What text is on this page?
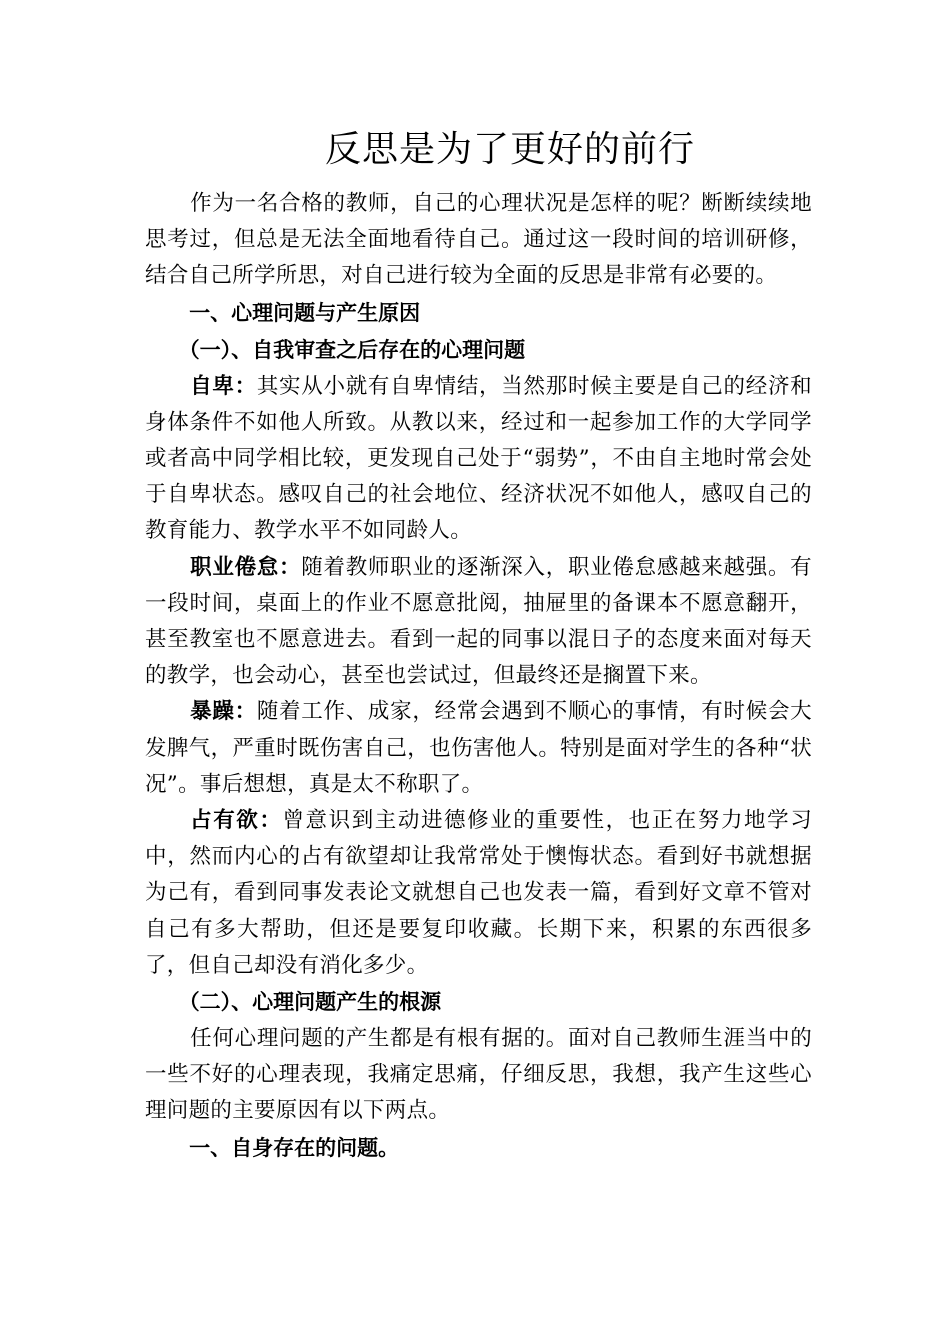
反思是为了更好的前行

作为一名合格的教师，自己的心理状况是怎样的呢？断断续续地思考过，但总是无法全面地看待自己。通过这一段时间的培训研修，结合自己所学所思，对自己进行较为全面的反思是非常有必要的。

一、心理问题与产生原因

（一）、自我审查之后存在的心理问题

自卑：其实从小就有自卑情结，当然那时候主要是自己的经济和身体条件不如他人所致。从教以来，经过和一起参加工作的大学同学或者高中同学相比较，更发现自己处于“弱势”，不由自主地时常会处于自卑状态。感叹自己的社会地位、经济状况不如他人，感叹自己的教育能力、教学水平不如同龄人。

职业倦怠：随着教师职业的逐渐深入，职业倦怠感越来越强。有一段时间，桌面上的作业不愿意批阅，抽屉里的备课本不愿意翻开，甚至教室也不愿意进去。看到一起的同事以混日子的态度来面对每天的教学，也会动心，甚至也尝试过，但最终还是搁置下来。

暴躁：随着工作、成家，经常会遇到不顺心的事情，有时候会大发脾气，严重时既伤害自己，也伤害他人。特别是面对学生的各种“状况”。事后想想，真是太不称职了。

占有欲：曾意识到主动进德修业的重要性，也正在努力地学习中，然而内心的占有欲望却让我常常处于懊悔状态。看到好书就想据为己有，看到同事发表论文就想自己也发表一篇，看到好文章不管对自己有多大帮助，但还是要复印收藏。长期下来，积累的东西很多了，但自己却没有消化多少。

（二）、心理问题产生的根源

任何心理问题的产生都是有根有据的。面对自己教师生涯当中的一些不好的心理表现，我痛定思痛，仔细反思，我想，我产生这些心理问题的主要原因有以下两点。

一、自身存在的问题。
